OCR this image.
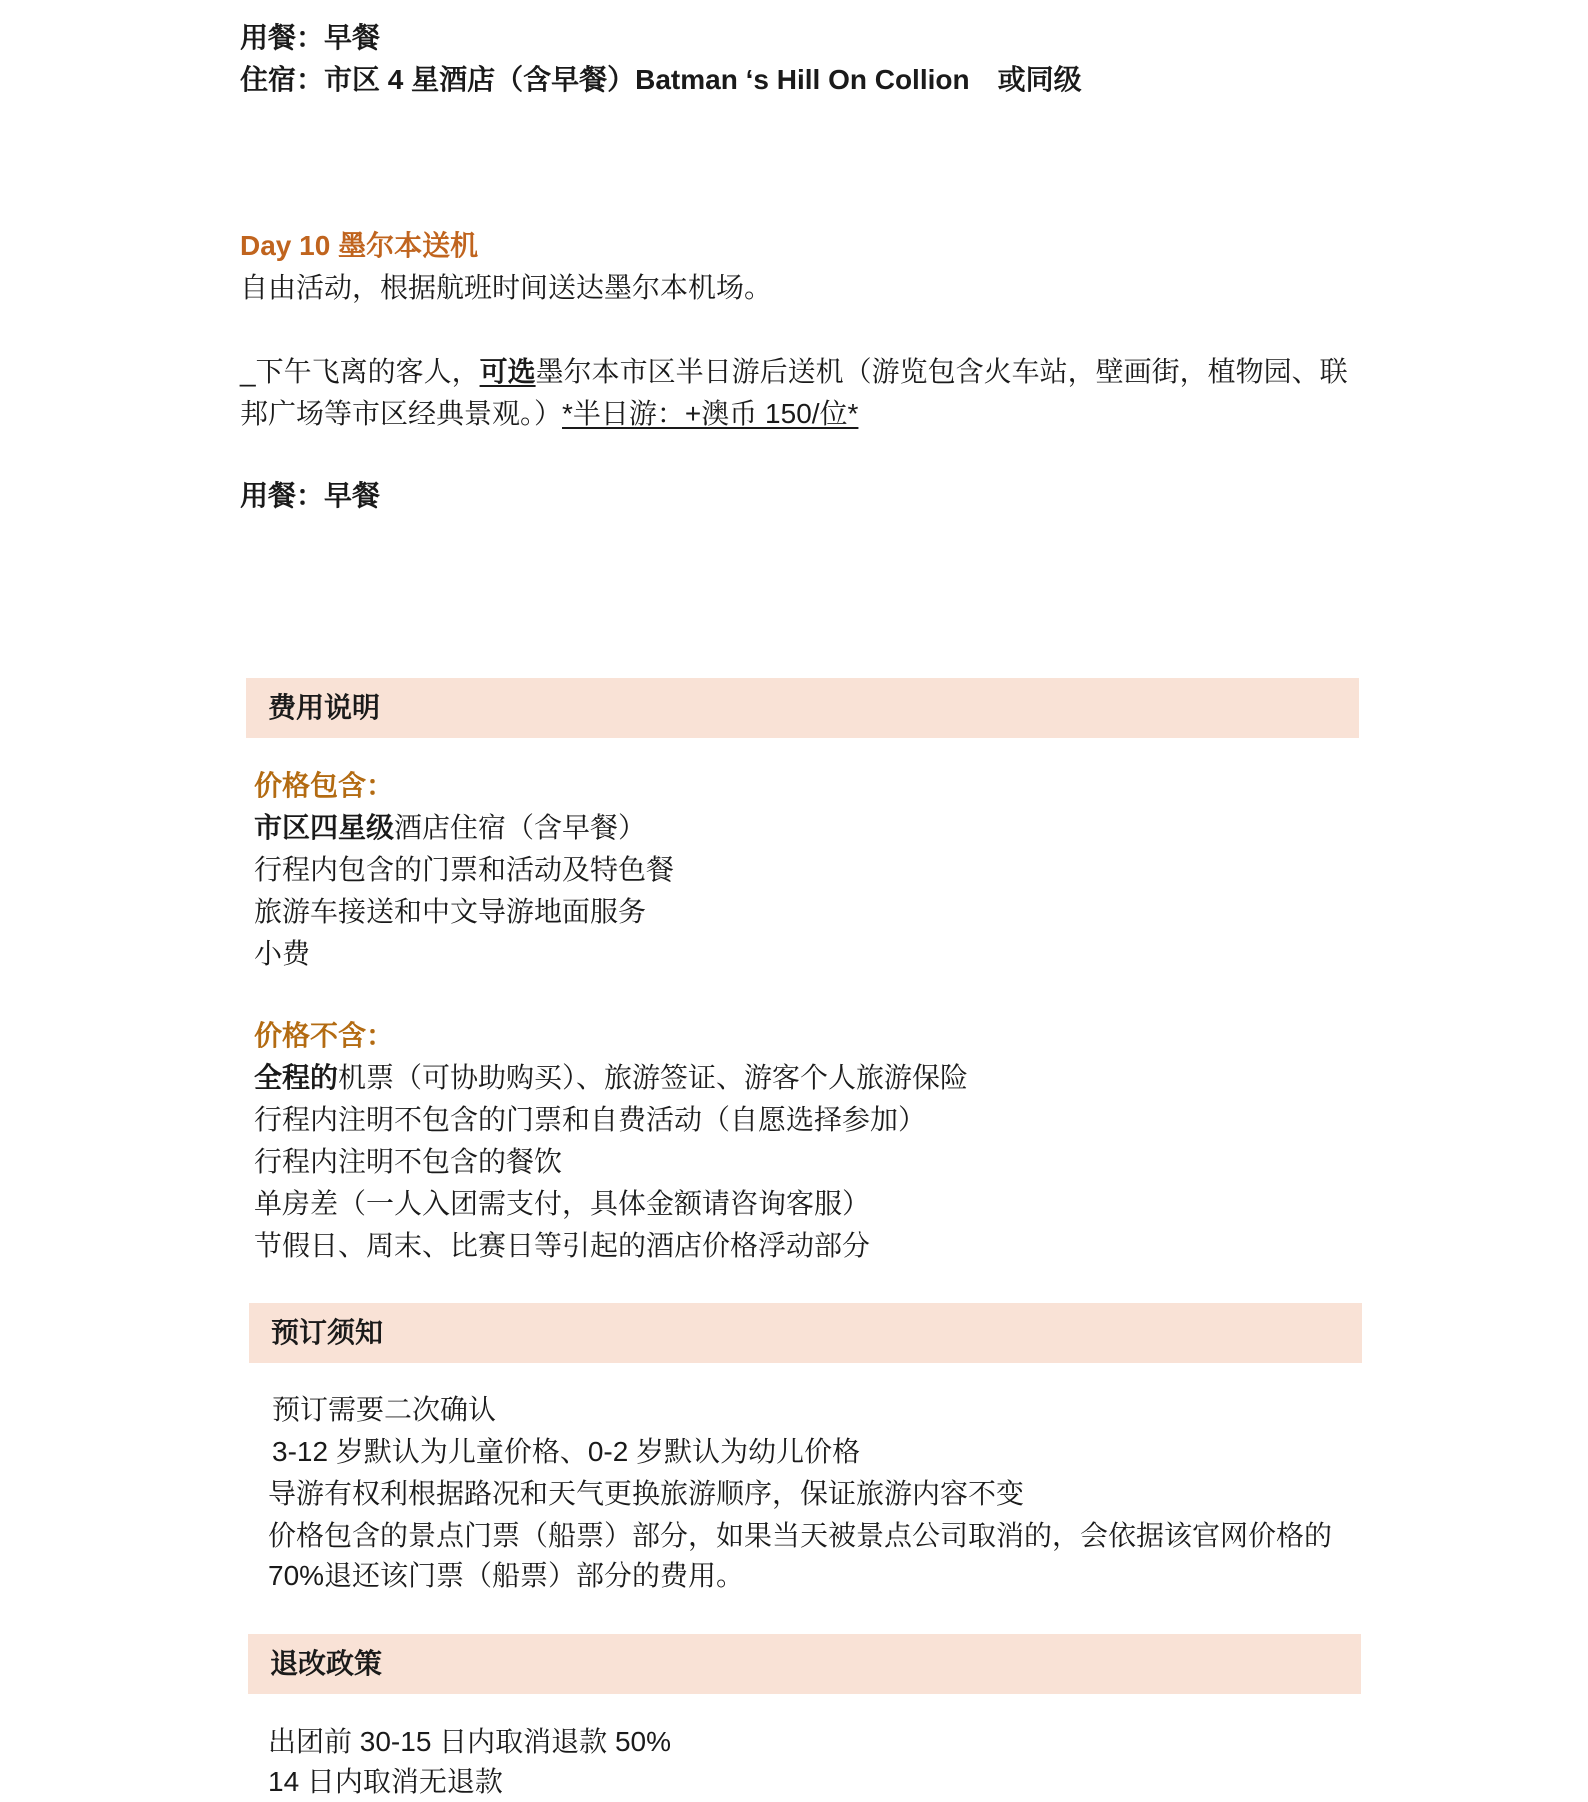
用餐：早餐
住宿：市区 4 星酒店（含早餐）Batman ‘s Hill On Collion　或同级
Day 10 墨尔本送机
自由活动，根据航班时间送达墨尔本机场。
_下午飞离的客人，可选墨尔本市区半日游后送机（游览包含火车站，壁画街，植物园、联
邦广场等市区经典景观。）*半日游：+澳币 150/位*
用餐：早餐
费用说明
价格包含：
市区四星级酒店住宿（含早餐）
行程内包含的门票和活动及特色餐
旅游车接送和中文导游地面服务
小费
价格不含：
全程的机票（可协助购买）、旅游签证、游客个人旅游保险
行程内注明不包含的门票和自费活动（自愿选择参加）
行程内注明不包含的餐饮
单房差（一人入团需支付，具体金额请咨询客服）
节假日、周末、比赛日等引起的酒店价格浮动部分
预订须知
预订需要二次确认
3-12 岁默认为儿童价格、0-2 岁默认为幼儿价格
导游有权利根据路况和天气更换旅游顺序，保证旅游内容不变
价格包含的景点门票（船票）部分，如果当天被景点公司取消的，会依据该官网价格的
70%退还该门票（船票）部分的费用。
退改政策
出团前 30-15 日内取消退款 50%
14 日内取消无退款
